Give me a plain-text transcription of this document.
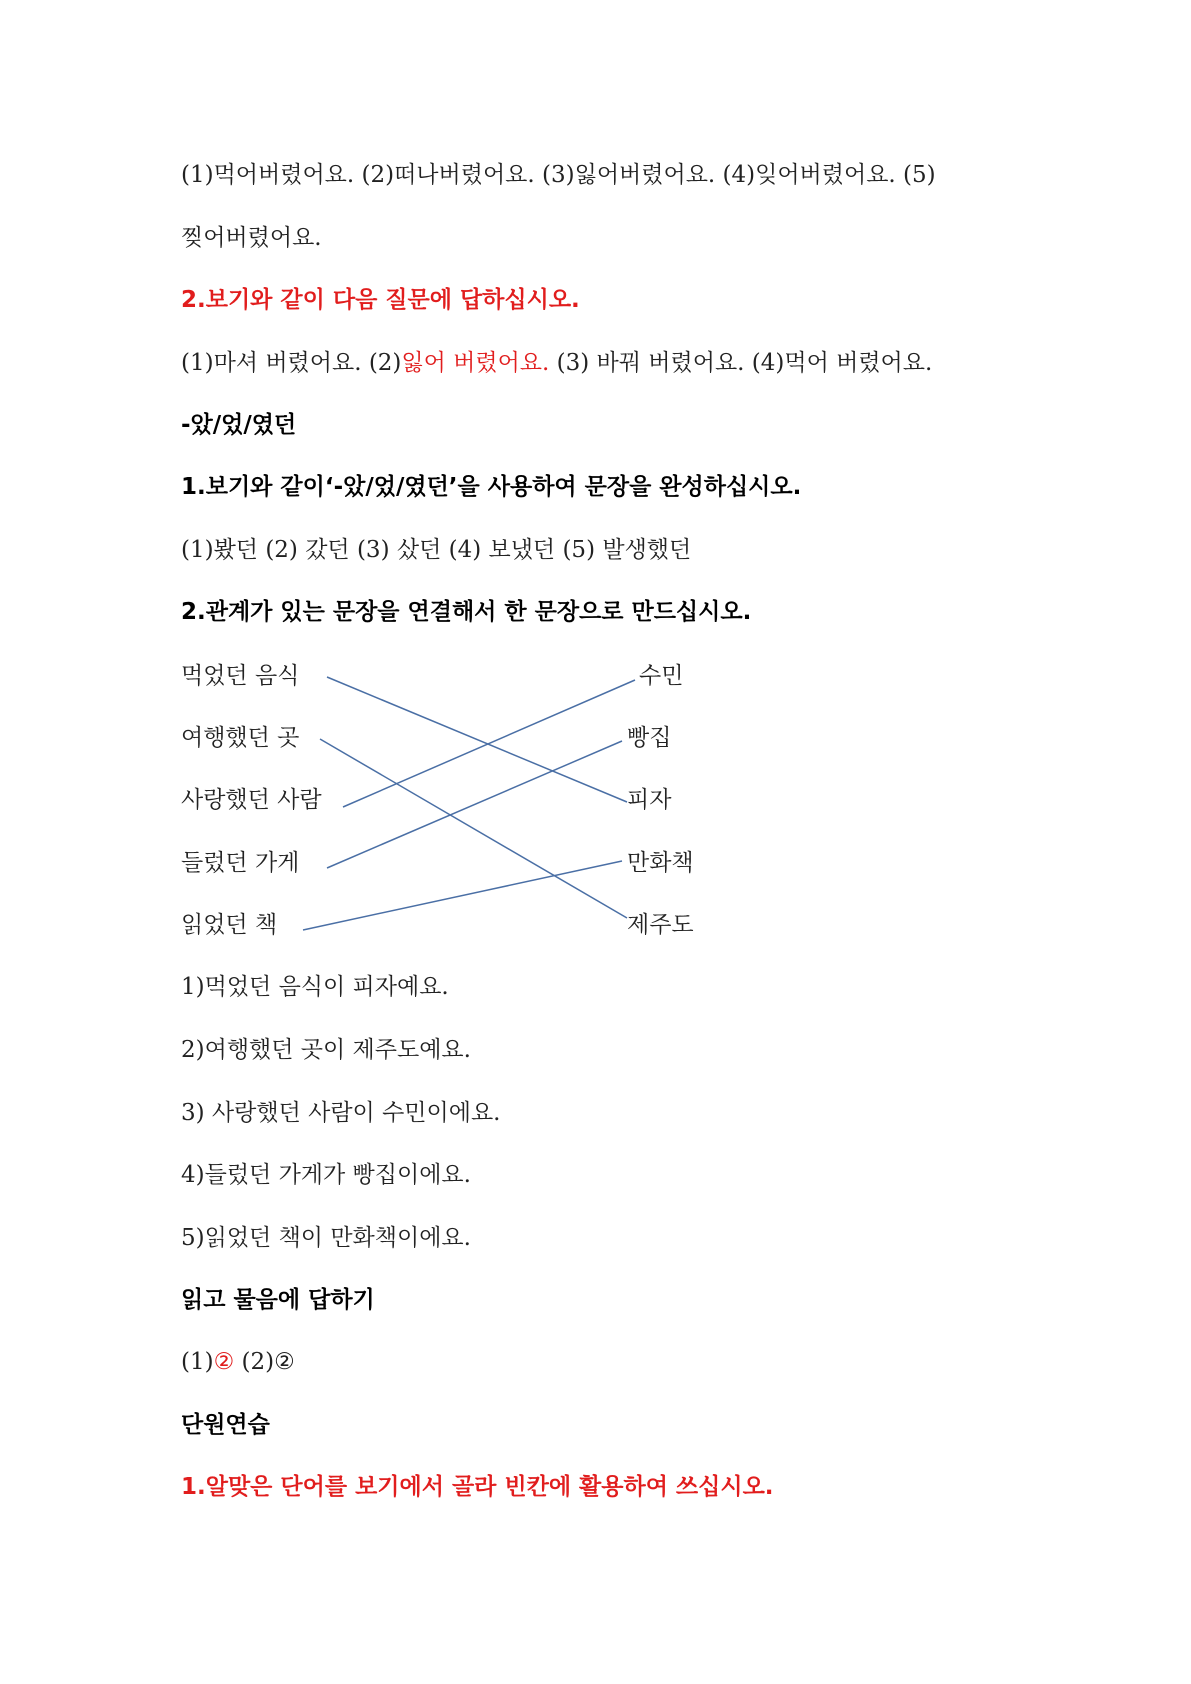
(1)먹어버렸어요. (2)떠나버렸어요. (3)잃어버렸어요. (4)잊어버렸어요. (5)
찢어버렸어요.
2.보기와 같이 다음 질문에 답하십시오.
(1)마셔 버렸어요. (2)잃어 버렸어요. (3) 바꿔 버렸어요. (4)먹어 버렸어요.
-았/었/였던
1.보기와 같이‘-았/었/였던’을 사용하여 문장을 완성하십시오.
(1)봤던 (2) 갔던 (3) 샀던 (4) 보냈던 (5) 발생했던
2.관계가 있는 문장을 연결해서 한 문장으로 만드십시오.
먹었던 음식
여행했던 곳
사랑했던 사람
들렀던 가게
읽었던 책
수민
빵집
피자
만화책
제주도
1)먹었던 음식이 피자예요.
2)여행했던 곳이 제주도예요.
3) 사랑했던 사람이 수민이에요.
4)들렀던 가게가 빵집이에요.
5)읽었던 책이 만화책이에요.
읽고 물음에 답하기
(1)② (2)②
단원연습
1.알맞은 단어를 보기에서 골라 빈칸에 활용하여 쓰십시오.
